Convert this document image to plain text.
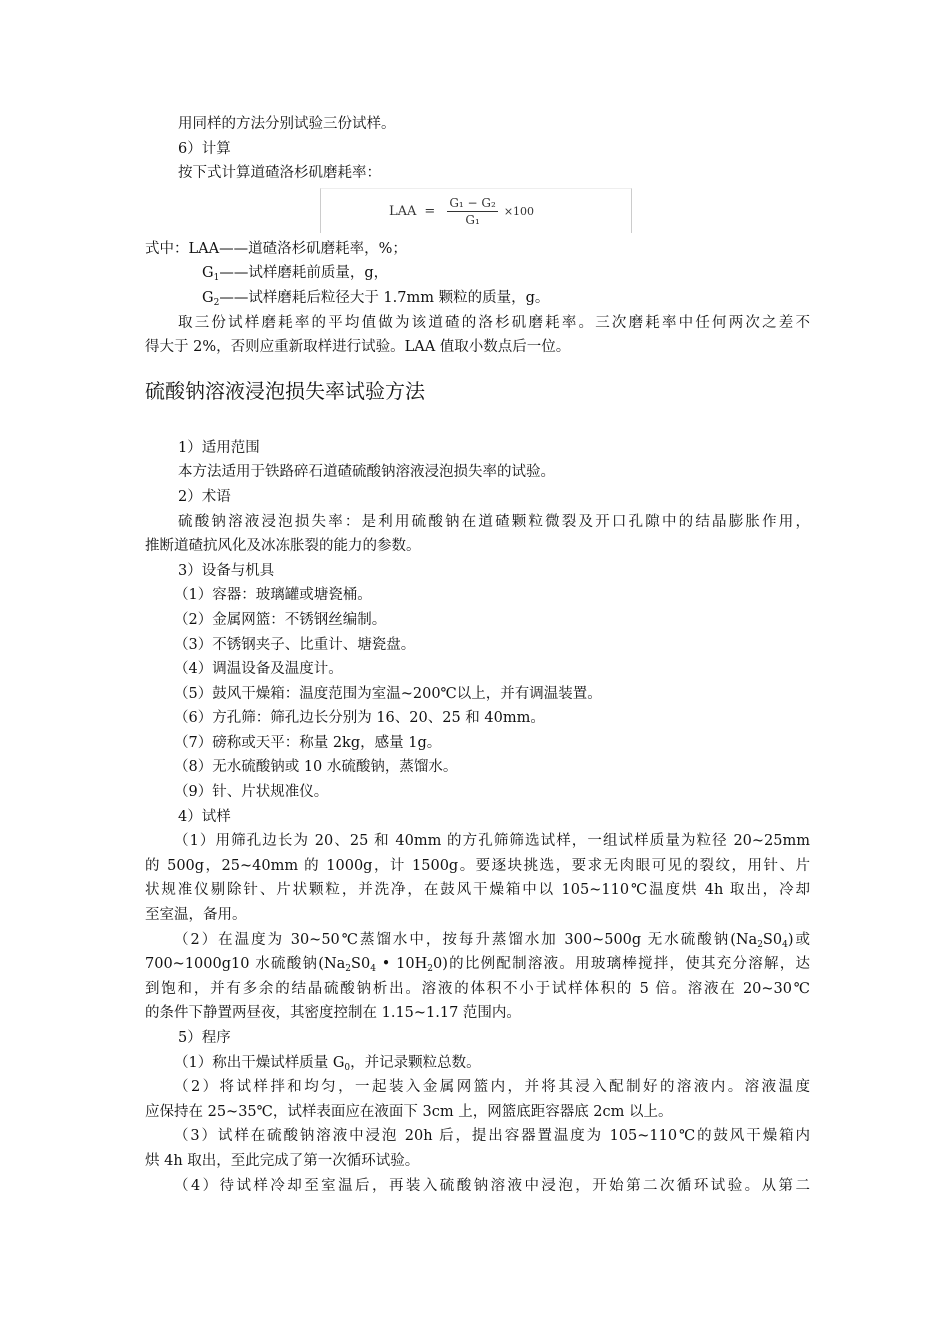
用同样的方法分别试验三份试样。
6）计算
按下式计算道碴洛杉矶磨耗率：
LAA = $\frac{\text{G₁ − G₂}}{\text{G₁}} \times 100$
式中：LAA——道碴洛杉矶磨耗率，%；
$G_1——$试样磨耗前质量，g，
$G_2——$试样磨耗后粒径大于 1.7mm 颗粒的质量，g。
取三份试样磨耗率的平均值做为该道碴的洛杉矶磨耗率。三次磨耗率中任何两次之差不
得大于 2%，否则应重新取样进行试验。LAA 值取小数点后一位。
硫酸钠溶液浸泡损失率试验方法
1）适用范围
本方法适用于铁路碎石道碴硫酸钠溶液浸泡损失率的试验。
2）术语
硫酸钠溶液浸泡损失率：是利用硫酸钠在道碴颗粒微裂及开口孔隙中的结晶膨胀作用，
推断道碴抗风化及冰冻胀裂的能力的参数。
3）设备与机具
（1）容器：玻璃罐或塘瓷桶。
（2）金属网篮：不锈钢丝编制。
（3）不锈钢夹子、比重计、塘瓷盘。
（4）调温设备及温度计。
（5）鼓风干燥箱：温度范围为室温~200℃以上，并有调温装置。
（6）方孔筛：筛孔边长分别为 16、20、25 和 40mm。
（7）磅称或天平：称量 2kg，感量 1g。
（8）无水硫酸钠或 10 水硫酸钠，蒸馏水。
（9）针、片状规准仪。
4）试样
（1）用筛孔边长为 20、25 和 40mm 的方孔筛筛选试样，一组试样质量为粒径 20~25mm
的 500g，25~40mm 的 1000g，计 1500g。要逐块挑选，要求无肉眼可见的裂纹，用针、片
状规准仪剔除针、片状颗粒，并洗净，在鼓风干燥箱中以 105~110℃温度烘 4h 取出，冷却
至室温，备用。
（2）在温度为 30~50℃蒸馏水中，按每升蒸馏水加 300~500g 无水硫酸钠$(Na_2S0_4)$或
700~1000g10 水硫酸钠($Na_2S0_4$ • $10H_20$)的比例配制溶液。用玻璃棒搅拌，使其充分溶解，达
到饱和，并有多余的结晶硫酸钠析出。溶液的体积不小于试样体积的 5 倍。溶液在 20~30℃
的条件下静置两昼夜，其密度控制在 1.15~1.17 范围内。
5）程序
（1）称出干燥试样质量 $G_0$，并记录颗粒总数。
（2）将试样拌和均匀，一起装入金属网篮内，并将其浸入配制好的溶液内。溶液温度
应保持在 25~35℃，试样表面应在液面下 3cm 上，网篮底距容器底 2cm 以上。
（3）试样在硫酸钠溶液中浸泡 20h 后，提出容器置温度为 105~110℃的鼓风干燥箱内
烘 4h 取出，至此完成了第一次循环试验。
（4）待试样冷却至室温后，再装入硫酸钠溶液中浸泡，开始第二次循环试验。从第二
